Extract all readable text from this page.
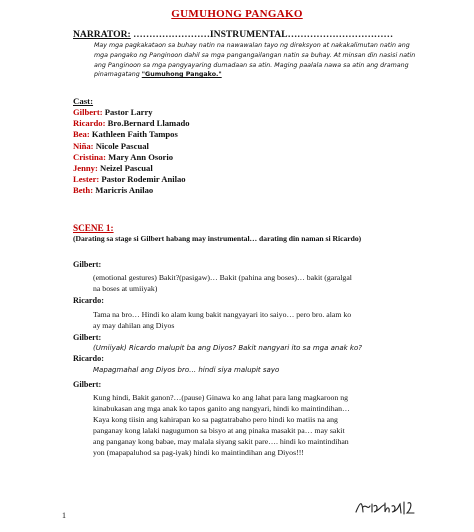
GUMUHONG PANGAKO
NARRATOR: ……………………INSTRUMENTAL……………………………
May mga pagkakataon sa buhay natin na nawawalan tayo ng direksyon at nakakalimutan natin ang mga pangako ng Panginoon dahil sa mga pangangailangan natin sa buhay. At minsan din nasisi natin ang Panginoon sa mga pangyayaring dumadaan sa atin. Maging paalala nawa sa atin ang dramang pinamagatang "Gumuhong Pangako."
Cast:
Gilbert: Pastor Larry
Ricardo: Bro.Bernard Llamado
Bea: Kathleen Faith Tampos
Niña: Nicole Pascual
Cristina: Mary Ann Osorio
Jenny: Neizel Pascual
Lester: Pastor Rodemir Anilao
Beth: Maricris Anilao
SCENE 1:
(Darating sa stage si Gilbert habang may instrumental… darating din naman si Ricardo)
Gilbert:
(emotional gestures) Bakit?(pasigaw)… Bakit (pahina ang boses)… bakit (garalgal
na boses at umiiyak)
Ricardo:
Tama na bro… Hindi ko alam kung bakit nangyayari ito saiyo… pero bro. alam ko
ay may dahilan ang Diyos
Gilbert:
(Umiiyak) Ricardo malupit ba ang Diyos? Bakit nangyari ito sa mga anak ko?
Ricardo:
Mapagmahal ang Diyos bro… hindi siya malupit sayo
Gilbert:
Kung hindi, Bakit ganon?…(pause) Ginawa ko ang lahat para lang magkaroon ng
kinabukasan ang mga anak ko tapos ganito ang nangyari, hindi ko maintindihan…
Kaya kong tiisin ang kahirapan ko sa pagtatrabaho pero hindi ko matiis na ang
panganay kong lalaki nagugumon sa bisyo at ang pinaka masakit pa… may sakit
ang panganay kong babae, may malala siyang sakit pare…. hindi ko maintindihan
yon (mapapaluhod sa pag-iyak) hindi ko maintindihan ang Diyos!!!
1
